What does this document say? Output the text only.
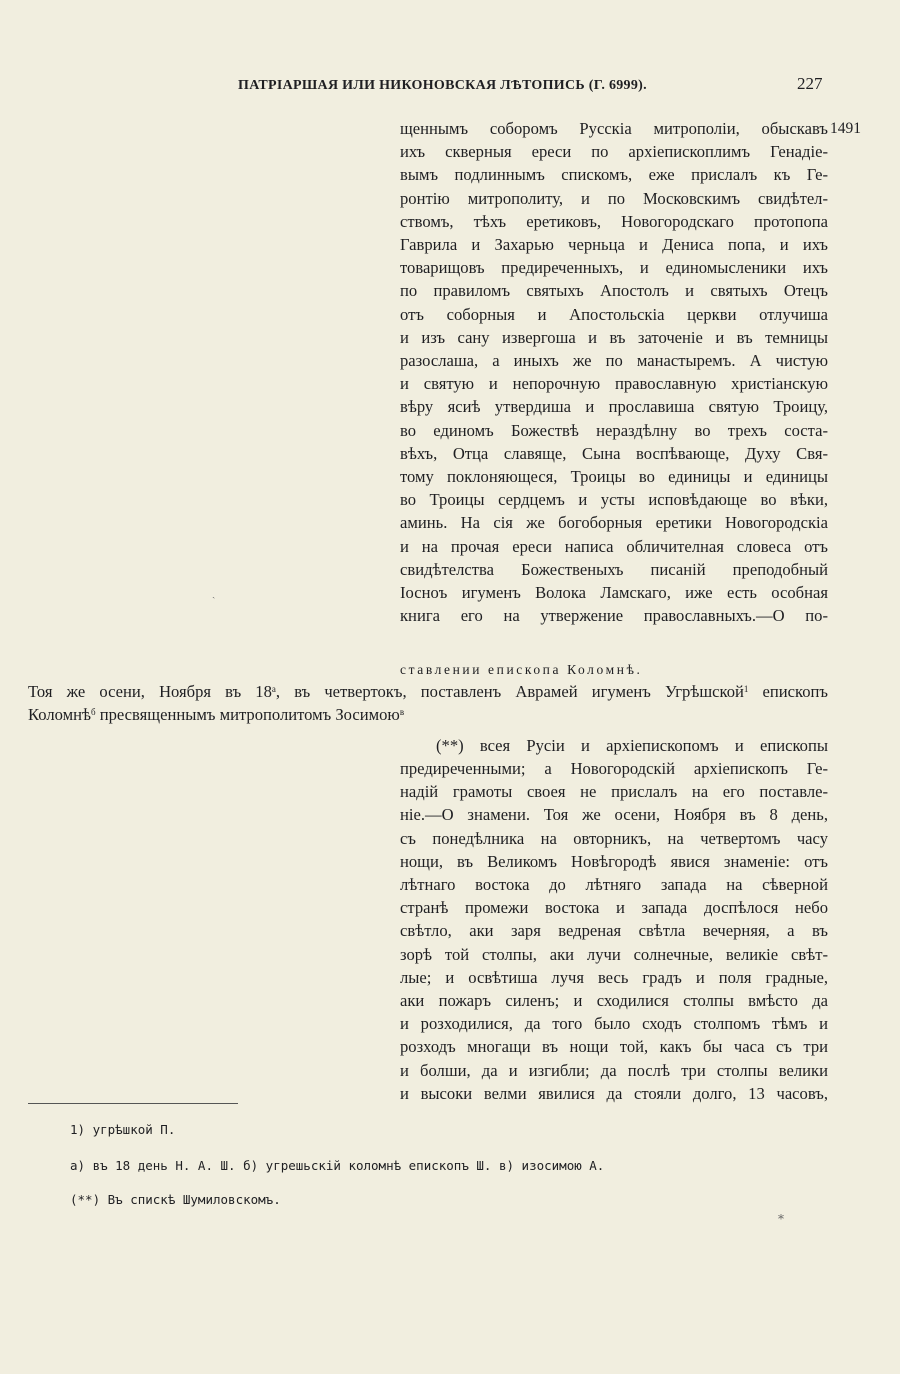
ПАТРІАРШАЯ ИЛИ НИКОНОВСКАЯ ЛѢТОПИСЬ (Г. 6999).	227
1491
щеннымъ соборомъ Русскіа митрополіи, обыскавъ
ихъ скверныя ереси по архіепископлимъ Генадіе-
вымъ подлиннымъ спискомъ, еже прислалъ къ Ге-
ронтію митрополиту, и по Московскимъ свидѣтел-
ствомъ, тѣхъ еретиковъ, Новогородскаго протопопа
Гаврила и Захарью черньца и Дениса попа, и ихъ
товарищовъ предиреченныхъ, и единомысленики ихъ
по правиломъ святыхъ Апостолъ и святыхъ Отецъ
отъ соборныя и Апостольскіа церкви отлучиша
и изъ сану извергоша и въ заточеніе и въ темницы
разослаша, а иныхъ же по манастыремъ. А чистую
и святую и непорочную православную христіанскую
вѣру ясиѣ утвердиша и прославиша святую Троицу,
во единомъ Божествѣ нераздѣлну во трехъ соста-
вѣхъ, Отца славяще, Сына воспѣвающе, Духу Свя-
тому поклоняющеся, Троицы во единицы и единицы
во Троицы сердцемъ и усты исповѣдающе во вѣки,
аминь. На сія же богоборныя еретики Новогородскіа
и на прочая ереси написа обличителная словеса отъ
свидѣтелства Божественыхъ писаній преподобный
Іосноъ игуменъ Волока Ламскаго, иже есть особная
книга его на утвержение православныхъ.—О по-
ставлении епископа Коломнѣ.
Тоя же осени, Ноября въ $18^а$, въ четвертокъ, поставленъ Аврамей игуменъ Угрѣшской$^1$ епископъ
Коломнѣ$^б$ пресвященнымъ митрополитомъ Зосимою$^в$
(**) всея Русіи и архіепископомъ и епископы
предиреченными; а Новогородскій архіепископъ Ге-
надій грамоты своея не прислалъ на его поставле-
ніе.—О знамени. Тоя же осени, Ноября въ 8 день,
съ понедѣлника на овторникъ, на четвертомъ часу
нощи, въ Великомъ Новѣгородѣ явися знаменіе: отъ
лѣтнаго востока до лѣтняго запада на сѣверной
странѣ промежи востока и запада доспѣлося небо
свѣтло, аки заря ведреная свѣтла вечерняя, а въ
зорѣ той столпы, аки лучи солнечные, великіе свѣт-
лые; и освѣтиша лучя весь градъ и поля градные,
аки пожаръ силенъ; и сходилися столпы вмѣсто да
и розходилися, да того было сходъ столпомъ тѣмъ и
розходъ многащи въ нощи той, какъ бы часа съ три
и болши, да и изгибли; да послѣ три столпы велики
и высоки велми явилися да стояли долго, 13 часовъ,
1) угрѣшкой П.
а) въ 18 день Н. А. Ш. б) угрешьскій коломнѣ епископъ Ш. в) изосимою А.
(**) Въ спискѣ Шумиловскомъ.
*
ˎ
